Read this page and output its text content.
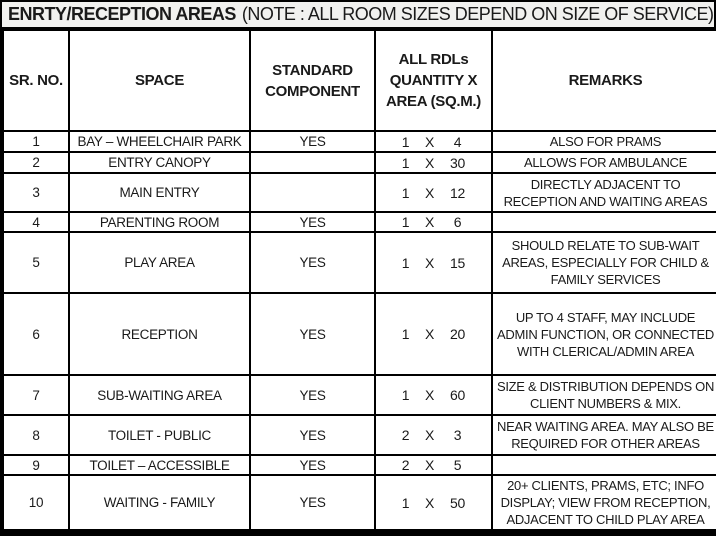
ENRTY/RECEPTION AREAS (NOTE : ALL ROOM SIZES DEPEND ON SIZE OF SERVICE)
SR. NO.	SPACE	STANDARD COMPONENT	ALL RDLs QUANTITY X AREA (SQ.M.)	REMARKS
1	BAY – WHEELCHAIR PARK	YES	1 X 4	ALSO FOR PRAMS
2	ENTRY CANOPY		1 X 30	ALLOWS FOR AMBULANCE
3	MAIN ENTRY		1 X 12	DIRECTLY ADJACENT TO RECEPTION AND WAITING AREAS
4	PARENTING ROOM	YES	1 X 6	

5	PLAY AREA	YES	1 X 15	SHOULD RELATE TO SUB-WAIT AREAS, ESPECIALLY FOR CHILD & FAMILY SERVICES
6	RECEPTION	YES	1 X 20	UP TO 4 STAFF, MAY INCLUDE ADMIN FUNCTION, OR CONNECTED WITH CLERICAL/ADMIN AREA
7	SUB-WAITING AREA	YES	1 X 60	SIZE & DISTRIBUTION DEPENDS ON CLIENT NUMBERS & MIX.
8	TOILET - PUBLIC	YES	2 X 3	NEAR WAITING AREA. MAY ALSO BE REQUIRED FOR OTHER AREAS
9	TOILET – ACCESSIBLE	YES	2 X 5	

10	WAITING - FAMILY	YES	1 X 50	20+ CLIENTS, PRAMS, ETC; INFO DISPLAY; VIEW FROM RECEPTION, ADJACENT TO CHILD PLAY AREA
